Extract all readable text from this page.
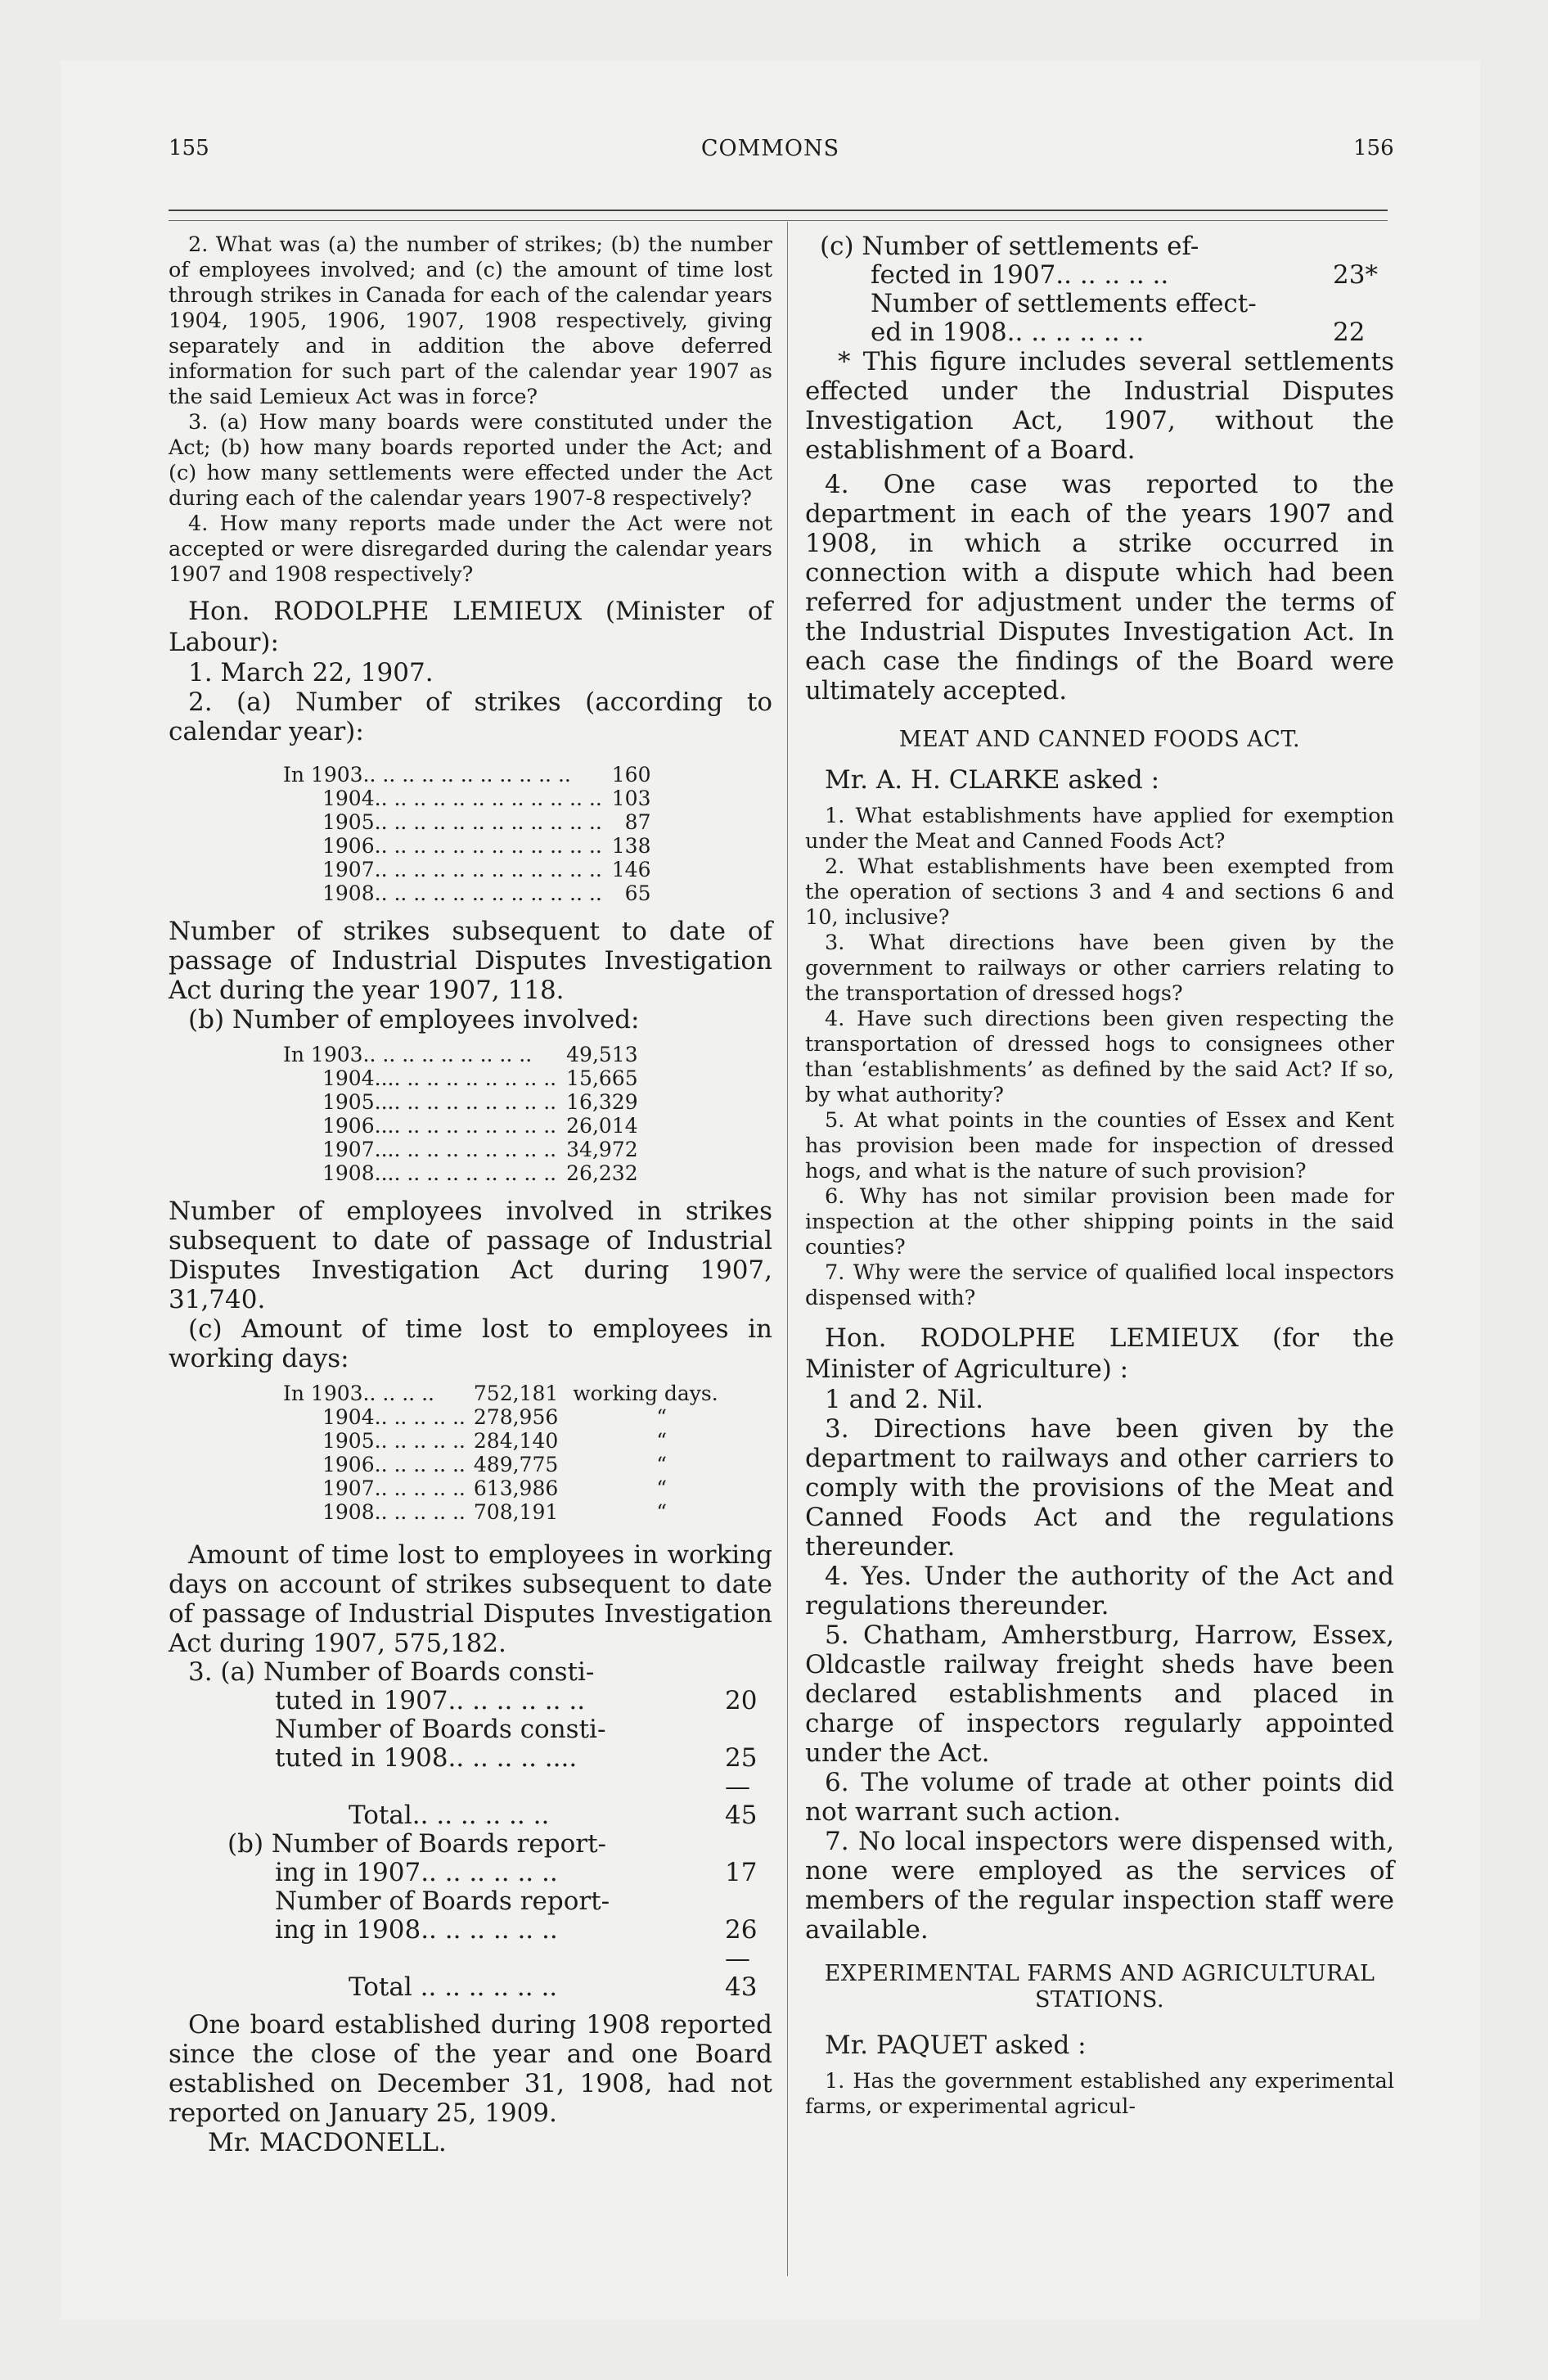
155	COMMONS	156

2. What was (a) the number of strikes; (b) the number of employees involved; and (c) the amount of time lost through strikes in Canada for each of the calendar years 1904, 1905, 1906, 1907, 1908 respectively, giving separately and in addition the above deferred information for such part of the calendar year 1907 as the said Lemieux Act was in force?

3. (a) How many boards were constituted under the Act; (b) how many boards reported under the Act; and (c) how many settlements were effected under the Act during each of the calendar years 1907-8 respectively?

4. How many reports made under the Act were not accepted or were disregarded during the calendar years 1907 and 1908 respectively?

Hon. RODOLPHE LEMIEUX (Minister of Labour):

1. March 22, 1907.

2. (a) Number of strikes (according to calendar year):

In 1903.. .. .. .. .. .. .. .. .. .. ..	160
1904.. .. .. .. .. .. .. .. .. .. .. ..	103
1905.. .. .. .. .. .. .. .. .. .. .. ..	87
1906.. .. .. .. .. .. .. .. .. .. .. ..	138
1907.. .. .. .. .. .. .. .. .. .. .. ..	146
1908.. .. .. .. .. .. .. .. .. .. .. ..	65

Number of strikes subsequent to date of passage of Industrial Disputes Investigation Act during the year 1907, 118.

(b) Number of employees involved:

In 1903.. .. .. .. .. .. .. .. ..	49,513
1904.... .. .. .. .. .. .. .. ..	15,665
1905.... .. .. .. .. .. .. .. ..	16,329
1906.... .. .. .. .. .. .. .. ..	26,014
1907.... .. .. .. .. .. .. .. ..	34,972
1908.... .. .. .. .. .. .. .. ..	26,232

Number of employees involved in strikes subsequent to date of passage of Industrial Disputes Investigation Act during 1907, 31,740.

(c) Amount of time lost to employees in working days:

In 1903.. .. .. ..	752,181	working days.
1904.. .. .. .. ..	278,956	“
1905.. .. .. .. ..	284,140	“
1906.. .. .. .. ..	489,775	“
1907.. .. .. .. ..	613,986	“
1908.. .. .. .. ..	708,191	“

Amount of time lost to employees in working days on account of strikes subsequent to date of passage of Industrial Disputes Investigation Act during 1907, 575,182.

3. (a) Number of Boards consti-
tuted in 1907.. .. .. .. .. ..	20
Number of Boards consti-
tuted in 1908.. .. .. .. ....	25
—
Total.. .. .. .. .. ..	45
(b) Number of Boards report-
ing in 1907.. .. .. .. .. ..	17
Number of Boards report-
ing in 1908.. .. .. .. .. ..	26
—
Total .. .. .. .. .. ..	43

One board established during 1908 reported since the close of the year and one Board established on December 31, 1908, had not reported on January 25, 1909.

Mr. MACDONELL.

(c) Number of settlements ef-
fected in 1907.. .. .. .. ..	23*
Number of settlements effect-
ed in 1908.. .. .. .. .. ..	22

* This figure includes several settlements effected under the Industrial Disputes Investigation Act, 1907, without the establishment of a Board.

4. One case was reported to the department in each of the years 1907 and 1908, in which a strike occurred in connection with a dispute which had been referred for adjustment under the terms of the Industrial Disputes Investigation Act. In each case the findings of the Board were ultimately accepted.

MEAT AND CANNED FOODS ACT.

Mr. A. H. CLARKE asked :

1. What establishments have applied for exemption under the Meat and Canned Foods Act?

2. What establishments have been exempted from the operation of sections 3 and 4 and sections 6 and 10, inclusive?

3. What directions have been given by the government to railways or other carriers relating to the transportation of dressed hogs?

4. Have such directions been given respecting the transportation of dressed hogs to consignees other than ‘establishments’ as defined by the said Act? If so, by what authority?

5. At what points in the counties of Essex and Kent has provision been made for inspection of dressed hogs, and what is the nature of such provision?

6. Why has not similar provision been made for inspection at the other shipping points in the said counties?

7. Why were the service of qualified local inspectors dispensed with?

Hon. RODOLPHE LEMIEUX (for the Minister of Agriculture) :

1 and 2. Nil.

3. Directions have been given by the department to railways and other carriers to comply with the provisions of the Meat and Canned Foods Act and the regulations thereunder.

4. Yes. Under the authority of the Act and regulations thereunder.

5. Chatham, Amherstburg, Harrow, Essex, Oldcastle railway freight sheds have been declared establishments and placed in charge of inspectors regularly appointed under the Act.

6. The volume of trade at other points did not warrant such action.

7. No local inspectors were dispensed with, none were employed as the services of members of the regular inspection staff were available.

EXPERIMENTAL FARMS AND AGRICULTURAL STATIONS.

Mr. PAQUET asked :

1. Has the government established any experimental farms, or experimental agricul-
